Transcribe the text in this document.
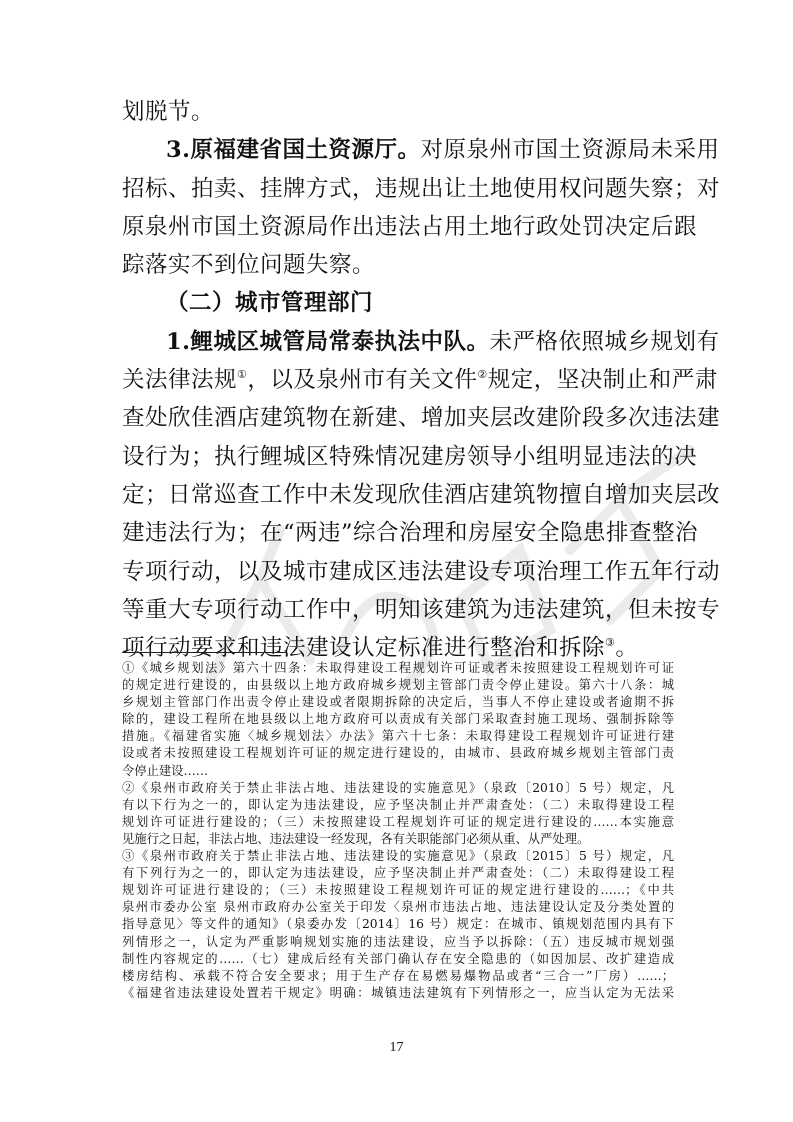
划脱节。
3.原福建省国土资源厅。对原泉州市国土资源局未采用
招标、拍卖、挂牌方式，违规出让土地使用权问题失察；对
原泉州市国土资源局作出违法占用土地行政处罚决定后跟
踪落实不到位问题失察。
（二）城市管理部门
1.鲤城区城管局常泰执法中队。未严格依照城乡规划有
关法律法规①，以及泉州市有关文件②规定，坚决制止和严肃
查处欣佳酒店建筑物在新建、增加夹层改建阶段多次违法建
设行为；执行鲤城区特殊情况建房领导小组明显违法的决
定；日常巡查工作中未发现欣佳酒店建筑物擅自增加夹层改
建违法行为；在“两违”综合治理和房屋安全隐患排查整治
专项行动，以及城市建成区违法建设专项治理工作五年行动
等重大专项行动工作中，明知该建筑为违法建筑，但未按专
项行动要求和违法建设认定标准进行整治和拆除③。
①《城乡规划法》第六十四条：未取得建设工程规划许可证或者未按照建设工程规划许可证
的规定进行建设的，由县级以上地方政府城乡规划主管部门责令停止建设。第六十八条：城
乡规划主管部门作出责令停止建设或者限期拆除的决定后，当事人不停止建设或者逾期不拆
除的，建设工程所在地县级以上地方政府可以责成有关部门采取查封施工现场、强制拆除等
措施。《福建省实施〈城乡规划法〉办法》第六十七条：未取得建设工程规划许可证进行建
设或者未按照建设工程规划许可证的规定进行建设的，由城市、县政府城乡规划主管部门责
令停止建设……
②《泉州市政府关于禁止非法占地、违法建设的实施意见》（泉政〔2010〕5 号）规定，凡
有以下行为之一的，即认定为违法建设，应予坚决制止并严肃查处：（二）未取得建设工程
规划许可证进行建设的；（三）未按照建设工程规划许可证的规定进行建设的……本实施意
见施行之日起，非法占地、违法建设一经发现，各有关职能部门必须从重、从严处理。
③《泉州市政府关于禁止非法占地、违法建设的实施意见》（泉政〔2015〕5 号）规定，凡
有下列行为之一的，即认定为违法建设，应予坚决制止并严肃查处：（二）未取得建设工程
规划许可证进行建设的；（三）未按照建设工程规划许可证的规定进行建设的……；《中共
泉州市委办公室 泉州市政府办公室关于印发〈泉州市违法占地、违法建设认定及分类处置的
指导意见〉等文件的通知》（泉委办发〔2014〕16 号）规定：在城市、镇规划范围内具有下
列情形之一，认定为严重影响规划实施的违法建设，应当予以拆除：（五）违反城市规划强
制性内容规定的……（七）建成后经有关部门确认存在安全隐患的（如因加层、改扩建造成
楼房结构、承载不符合安全要求；用于生产存在易燃易爆物品或者“三合一”厂房）……；
《福建省违法建设处置若干规定》明确：城镇违法建筑有下列情形之一，应当认定为无法采
17
